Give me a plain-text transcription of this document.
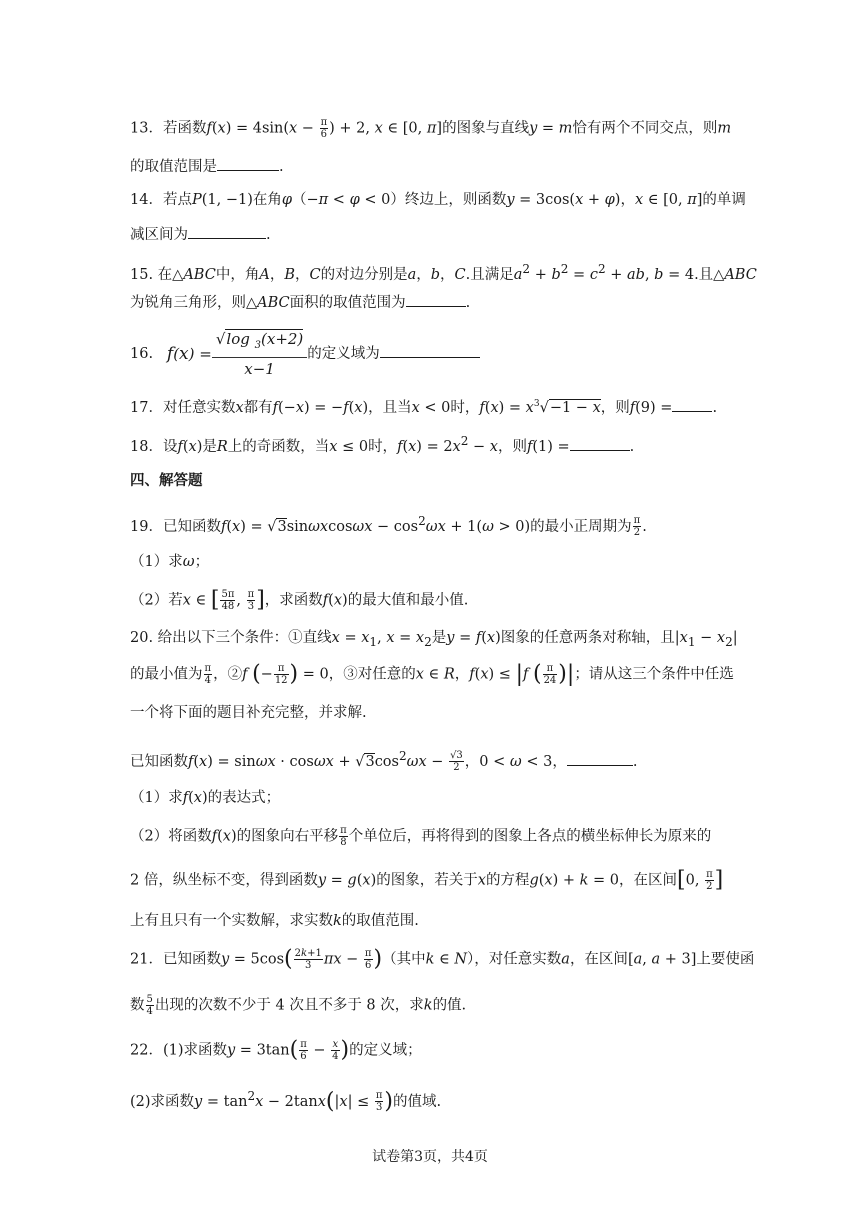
13．若函数$f(x) = 4\sin(x - \frac{\pi}{6}$ ) + 2, x ∈ [0, π]的图象与直线y = m恰有两个不同交点，则m
的取值范围是	.
14．若点P(1, −1)在角φ（−π < φ < 0）终边上，则函数y = 3cos(x + φ)，x ∈ [0, π]的单调
减区间为	.
15. 在△ABC中，角A，B，C的对边分别是a，b，C.且满足$a^2 + b^2 = c^2$ + ab, b = 4.且△ABC
为锐角三角形，则△ABC面积的取值范围为	.
16. $f(x) = \frac{√\log _3(x+2)}{x-1}$ 的定义域为
17．对任意实数x都有f(−x) = −f(x)，且当x < 0时，$f(x) = x^3√-1 - x$，则f(9) =	.
18．设f(x)是R上的奇函数，当x ≤ 0时，$f(x) = 2x^2 - x$，则f(1) =	.
四、解答题
19．已知函数$f(x) = √3\sin\omega xcos\omega x - \cos^2\omega x + 1(\omega > 0)$的最小正周期为 $\frac{\pi}{2}$ .
（1）求ω；
（2）若x ∈ [ $\frac{5\pi}{48}$ , $\frac{\pi}{3}$ ]，求函数f(x)的最大值和最小值.
20. 给出以下三个条件：①直线$x = x_1$, $x = x_2$是y = f(x)图象的任意两条对称轴，且$|x_1 - x_2|$
的最小值为 $\frac{\pi}{4}$ ，②f (− $\frac{\pi}{12}$ ) = 0，③对任意的x ∈ R，f(x) ≤ |f ( $\frac{\pi}{24}$ )|；请从这三个条件中任选
一个将下面的题目补充完整，并求解.
已知函数$f(x) = \sin\omega x \cdot \cos\omega x + √3\cos^2\omega x - \frac{√3}{2}$ ，0 < ω < 3，	.
（1）求f(x)的表达式；
（2）将函数f(x)的图象向右平移 $\frac{\pi}{8}$ 个单位后，再将得到的图象上各点的横坐标伸长为原来的
2 倍，纵坐标不变，得到函数y = g(x)的图象，若关于x的方程g(x) + k = 0，在区间[0, $\frac{\pi}{2}$ ]
上有且只有一个实数解，求实数k的取值范围.
21．已知函数$y = 5\cos( \frac{2k+1}{3}$ $\pi x - \frac{\pi}{6}$ )（其中k ∈ N），对任意实数a，在区间[a, a + 3]上要使函
数 $\frac{5}{4}$ 出现的次数不少于 4 次且不多于 8 次，求k的值.
22．(1)求函数$y = 3\tan( \frac{\pi}{6} - \frac{x}{4}$ )的定义域；
(2)求函数$y = \tan^2x - 2\tan x(|x| \le \frac{\pi}{3}$ )的值域.
试卷第3页，共4页
